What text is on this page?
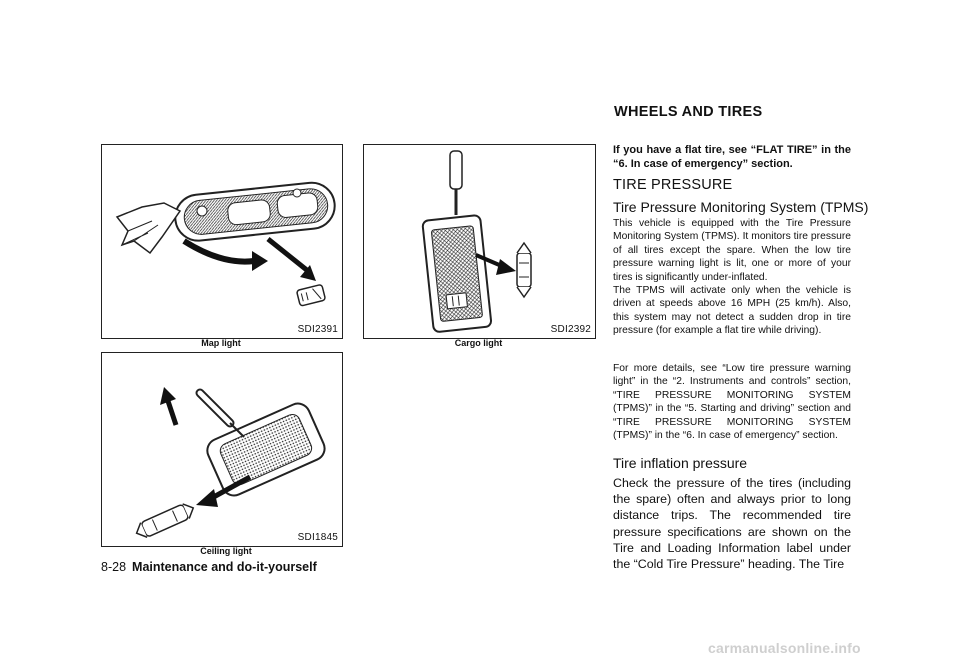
SDI2391
Map light
SDI1845
Ceiling light
SDI2392
Cargo light
WHEELS AND TIRES
If you have a flat tire, see “FLAT TIRE” in the “6. In case of emergency” section.
TIRE PRESSURE
Tire Pressure Monitoring System (TPMS)
This vehicle is equipped with the Tire Pressure Monitoring System (TPMS). It monitors tire pressure of all tires except the spare. When the low tire pressure warning light is lit, one or more of your tires is significantly under-inflated.
The TPMS will activate only when the vehicle is driven at speeds above 16 MPH (25 km/h). Also, this system may not detect a sudden drop in tire pressure (for example a flat tire while driving).
For more details, see “Low tire pressure warning light” in the “2. Instruments and controls” section, “TIRE PRESSURE MONITORING SYSTEM (TPMS)” in the “5. Starting and driving” section and “TIRE PRESSURE MONITORING SYSTEM (TPMS)” in the “6. In case of emergency” section.
Tire inflation pressure
Check the pressure of the tires (including the spare) often and always prior to long distance trips. The recommended tire pressure specifications are shown on the Tire and Loading Information label under the “Cold Tire Pressure” heading. The Tire
8-28 Maintenance and do-it-yourself
carmanualsonline.info
